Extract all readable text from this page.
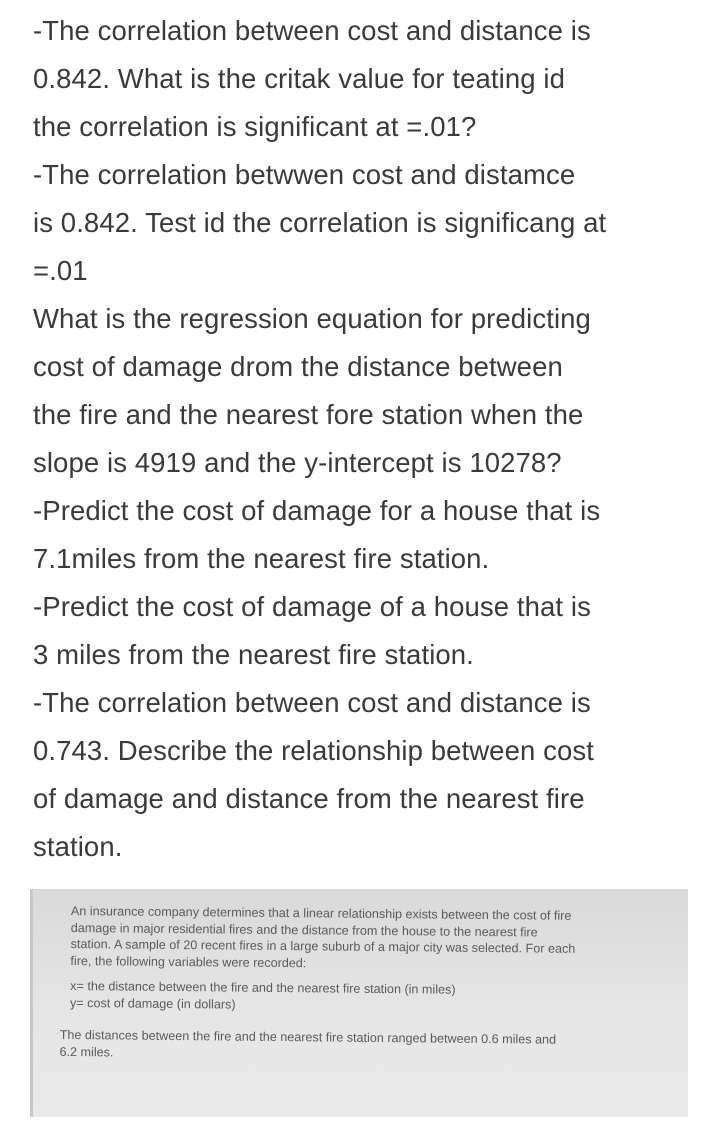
-The correlation between cost and distance is
0.842. What is the critak value for teating id
the correlation is significant at =.01?
-The correlation betwwen cost and distamce
is 0.842. Test id the correlation is significang at
=.01
What is the regression equation for predicting
cost of damage drom the distance between
the fire and the nearest fore station when the
slope is 4919 and the y-intercept is 10278?
-Predict the cost of damage for a house that is
7.1miles from the nearest fire station.
-Predict the cost of damage of a house that is
3 miles from the nearest fire station.
-The correlation between cost and distance is
0.743. Describe the relationship between cost
of damage and distance from the nearest fire
station.
An insurance company determines that a linear relationship exists between the cost of fire
damage in major residential fires and the distance from the house to the nearest fire
station. A sample of 20 recent fires in a large suburb of a major city was selected. For each
fire, the following variables were recorded:
x= the distance between the fire and the nearest fire station (in miles)
y= cost of damage (in dollars)
The distances between the fire and the nearest fire station ranged between 0.6 miles and
6.2 miles.
